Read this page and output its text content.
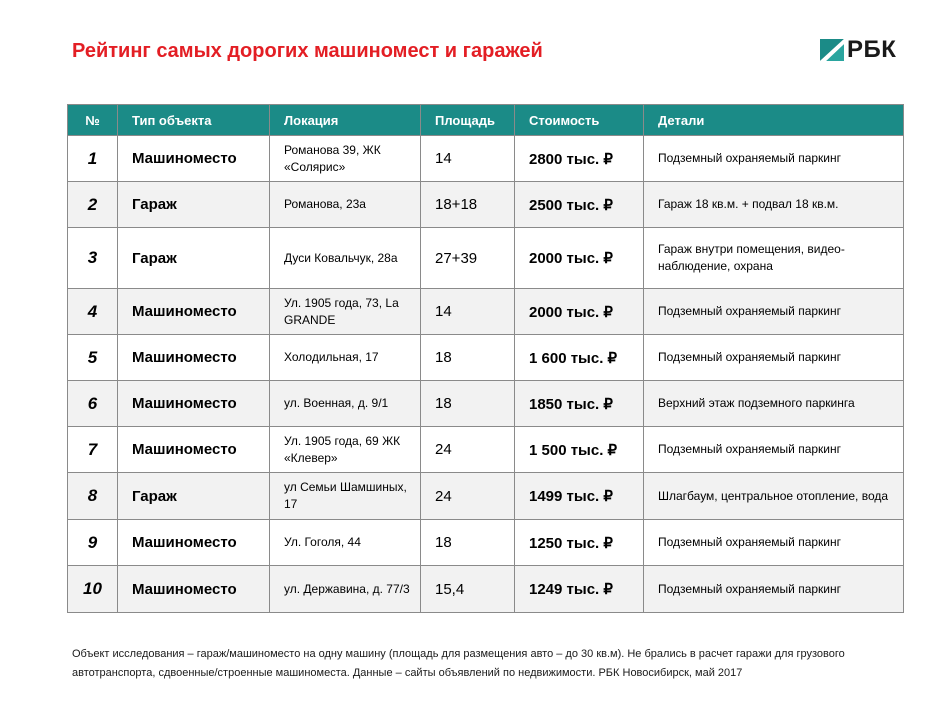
Рейтинг самых дорогих машиномест и гаражей	РБК
№	Тип объекта	Локация	Площадь	Стоимость	Детали
1	Машиноместо	Романова 39, ЖК «Солярис»	14	2800 тыс. ₽	Подземный охраняемый паркинг
2	Гараж	Романова, 23а	18+18	2500 тыс. ₽	Гараж 18 кв.м. + подвал 18 кв.м.
3	Гараж	Дуси Ковальчук, 28а	27+39	2000 тыс. ₽	Гараж внутри помещения, видео-наблюдение, охрана
4	Машиноместо	Ул. 1905 года, 73, La GRANDE	14	2000 тыс. ₽	Подземный охраняемый паркинг
5	Машиноместо	Холодильная, 17	18	1 600 тыс. ₽	Подземный охраняемый паркинг
6	Машиноместо	ул. Военная, д. 9/1	18	1850 тыс. ₽	Верхний этаж подземного паркинга
7	Машиноместо	Ул. 1905 года, 69 ЖК «Клевер»	24	1 500 тыс. ₽	Подземный охраняемый паркинг
8	Гараж	ул Семьи Шамшиных, 17	24	1499 тыс. ₽	Шлагбаум, центральное отопление, вода
9	Машиноместо	Ул. Гоголя, 44	18	1250 тыс. ₽	Подземный охраняемый паркинг
10	Машиноместо	ул. Державина, д. 77/3	15,4	1249 тыс. ₽	Подземный охраняемый паркинг
Объект исследования – гараж/машиноместо на одну машину (площадь для размещения авто – до 30 кв.м). Не брались в расчет гаражи для грузового автотранспорта, сдвоенные/строенные машиноместа. Данные – сайты объявлений по недвижимости. РБК Новосибирск, май 2017
